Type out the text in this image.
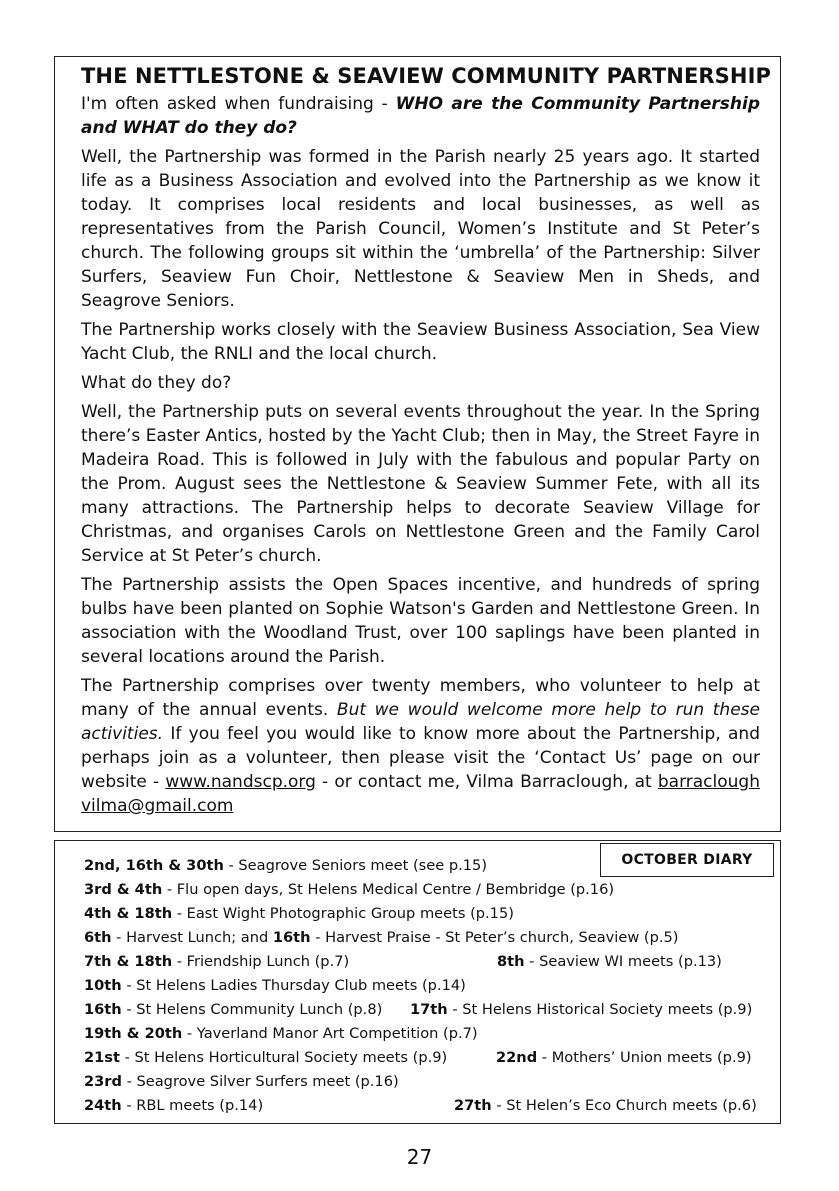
THE NETTLESTONE & SEAVIEW COMMUNITY PARTNERSHIP

I'm often asked when fundraising - WHO are the Community Partnership and WHAT do they do?

Well, the Partnership was formed in the Parish nearly 25 years ago. It started life as a Business Association and evolved into the Partnership as we know it today. It comprises local residents and local businesses, as well as representatives from the Parish Council, Women’s Institute and St Peter’s church. The following groups sit within the ‘umbrella’ of the Partnership: Silver Surfers, Seaview Fun Choir, Nettlestone & Seaview Men in Sheds, and Seagrove Seniors.

The Partnership works closely with the Seaview Business Association, Sea View Yacht Club, the RNLI and the local church.

What do they do?

Well, the Partnership puts on several events throughout the year. In the Spring there’s Easter Antics, hosted by the Yacht Club; then in May, the Street Fayre in Madeira Road. This is followed in July with the fabulous and popular Party on the Prom. August sees the Nettlestone & Seaview Summer Fete, with all its many attractions. The Partnership helps to decorate Seaview Village for Christmas, and organises Carols on Nettlestone Green and the Family Carol Service at St Peter’s church.

The Partnership assists the Open Spaces incentive, and hundreds of spring bulbs have been planted on Sophie Watson's Garden and Nettlestone Green. In association with the Woodland Trust, over 100 saplings have been planted in several locations around the Parish.

The Partnership comprises over twenty members, who volunteer to help at many of the annual events. But we would welcome more help to run these activities. If you feel you would like to know more about the Partnership, and perhaps join as a volunteer, then please visit the ‘Contact Us’ page on our website - www.nandscp.org - or contact me, Vilma Barraclough, at barraclough vilma@gmail.com

OCTOBER DIARY
2nd, 16th & 30th - Seagrove Seniors meet (see p.15)
3rd & 4th - Flu open days, St Helens Medical Centre / Bembridge (p.16)
4th & 18th - East Wight Photographic Group meets (p.15)
6th - Harvest Lunch; and 16th - Harvest Praise - St Peter’s church, Seaview (p.5)
7th & 18th - Friendship Lunch (p.7)	8th - Seaview WI meets (p.13)
10th - St Helens Ladies Thursday Club meets (p.14)
16th - St Helens Community Lunch (p.8) 17th - St Helens Historical Society meets (p.9)
19th & 20th - Yaverland Manor Art Competition (p.7)
21st - St Helens Horticultural Society meets (p.9)	22nd - Mothers’ Union meets (p.9)
23rd - Seagrove Silver Surfers meet (p.16)
24th - RBL meets (p.14)	27th - St Helen’s Eco Church meets (p.6)
27
